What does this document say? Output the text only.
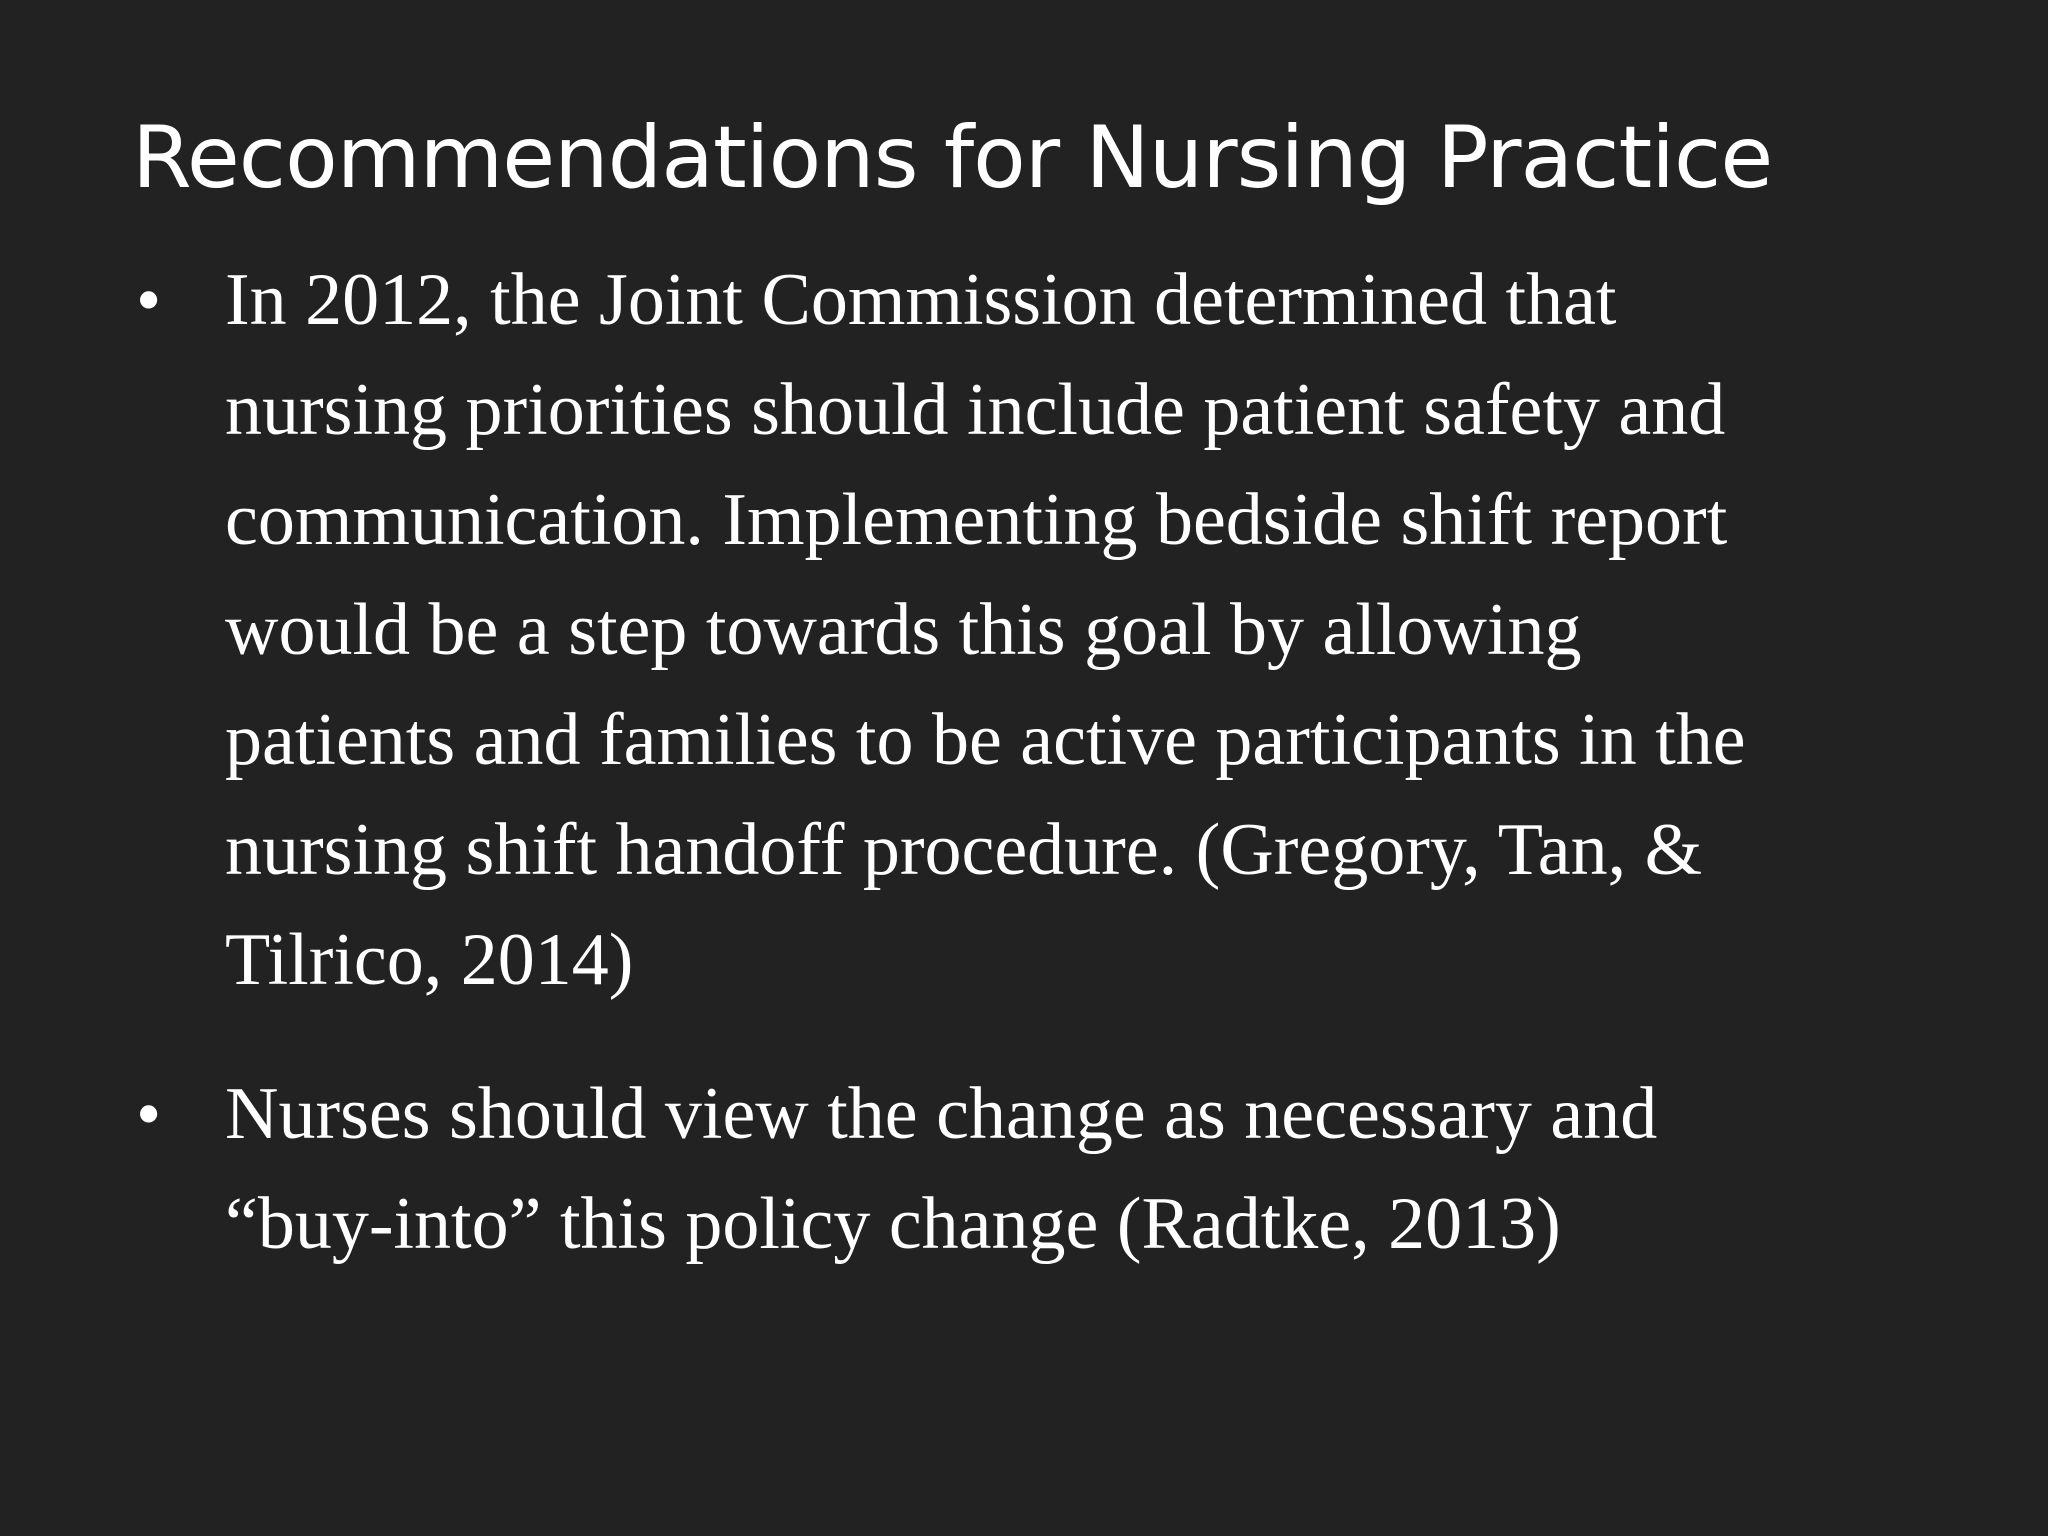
Recommendations for Nursing Practice
• In 2012, the Joint Commission determined that
nursing priorities should include patient safety and
communication. Implementing bedside shift report
would be a step towards this goal by allowing
patients and families to be active participants in the
nursing shift handoff procedure. (Gregory, Tan, &
Tilrico, 2014)

• Nurses should view the change as necessary and
“buy-into” this policy change (Radtke, 2013)
